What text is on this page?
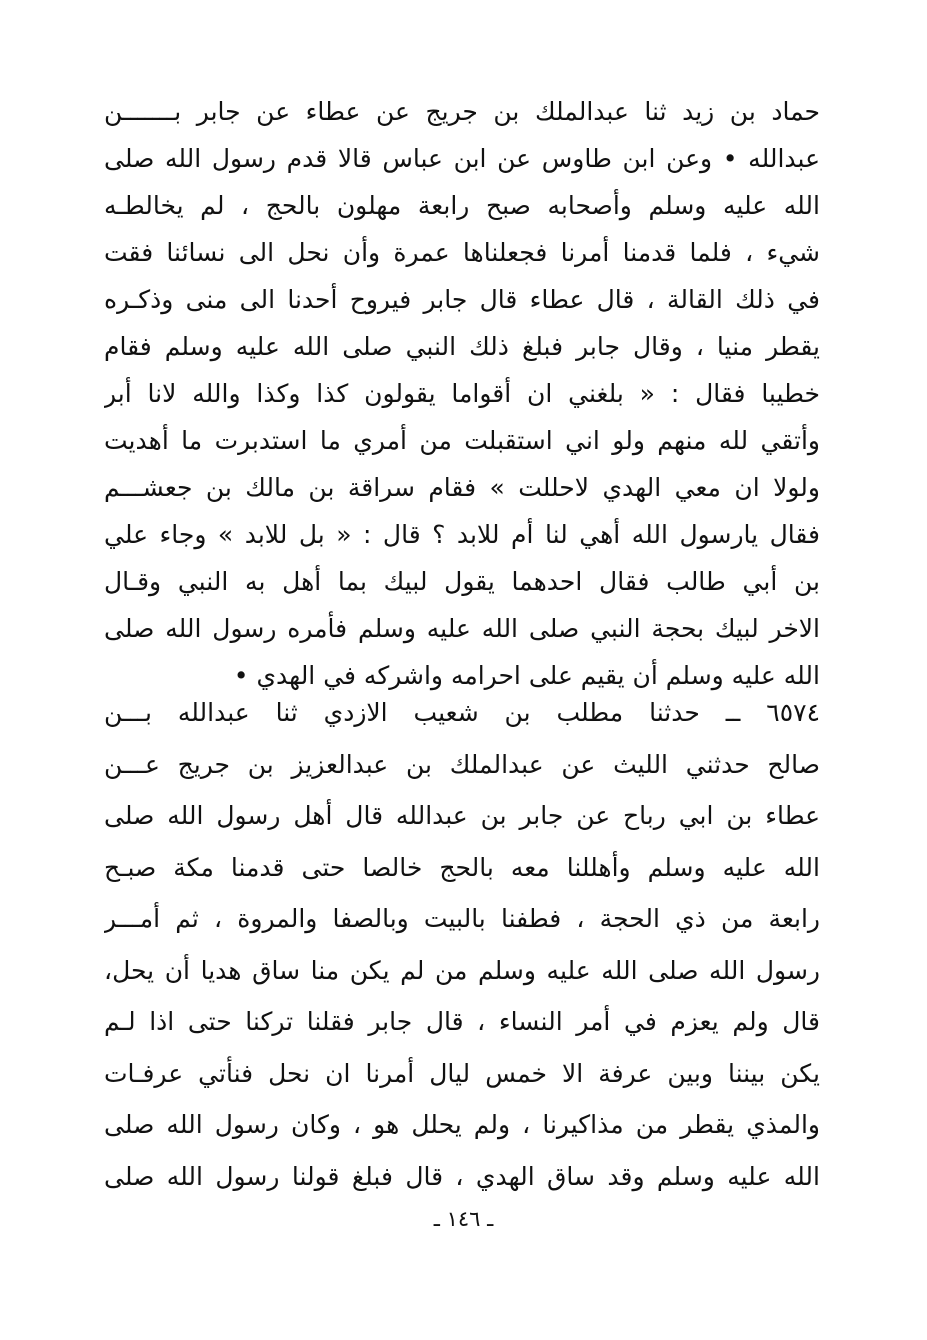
حماد بن زيد ثنا عبدالملك بن جريج عن عطاء عن جابر بـــــــن
عبدالله • وعن ابن طاوس عن ابن عباس قالا قدم رسول الله صلى
الله عليه وسلم وأصحابه صبح رابعة مهلون بالحج ، لم يخالطـه
شيء ، فلما قدمنا أمرنا فجعلناها عمرة وأن نحل الى نسائنا فقت
في ذلك القالة ، قال عطاء قال جابر فيروح أحدنا الى منى وذكـره
يقطر منيا ، وقال جابر فبلغ ذلك النبي صلى الله عليه وسلم فقام
خطيبا فقال : « بلغني ان أقواما يقولون كذا وكذا والله لانا أبر
وأتقي لله منهم ولو اني استقبلت من أمري ما استدبرت ما أهديت
ولولا ان معي الهدي لاحللت » فقام سراقة بن مالك بن جعشـــم
فقال يارسول الله أهي لنا أم للابد ؟ قال : « بل للابد » وجاء علي
بن أبي طالب فقال احدهما يقول لبيك بما أهل به النبي وقـال
الاخر لبيك بحجة النبي صلى الله عليه وسلم فأمره رسول الله صلى
الله عليه وسلم أن يقيم على احرامه واشركه في الهدي •
٦٥٧٤ ــ حدثنا مطلب بن شعيب الازدي ثنا عبدالله بـــن
صالح حدثني الليث عن عبدالملك بن عبدالعزيز بن جريج عـــن
عطاء بن ابي رباح عن جابر بن عبدالله قال أهل رسول الله صلى
الله عليه وسلم وأهللنا معه بالحج خالصا حتى قدمنا مكة صبـح
رابعة من ذي الحجة ، فطفنا بالبيت وبالصفا والمروة ، ثم أمـــر
رسول الله صلى الله عليه وسلم من لم يكن منا ساق هديا أن يحل،
قال ولم يعزم في أمر النساء ، قال جابر فقلنا تركنا حتى اذا لـم
يكن بيننا وبين عرفة الا خمس ليال أمرنا ان نحل فنأتي عرفـات
والمذي يقطر من مذاكيرنا ، ولم يحلل هو ، وكان رسول الله صلى
الله عليه وسلم وقد ساق الهدي ، قال فبلغ قولنا رسول الله صلى
ـ ١٤٦ ـ
